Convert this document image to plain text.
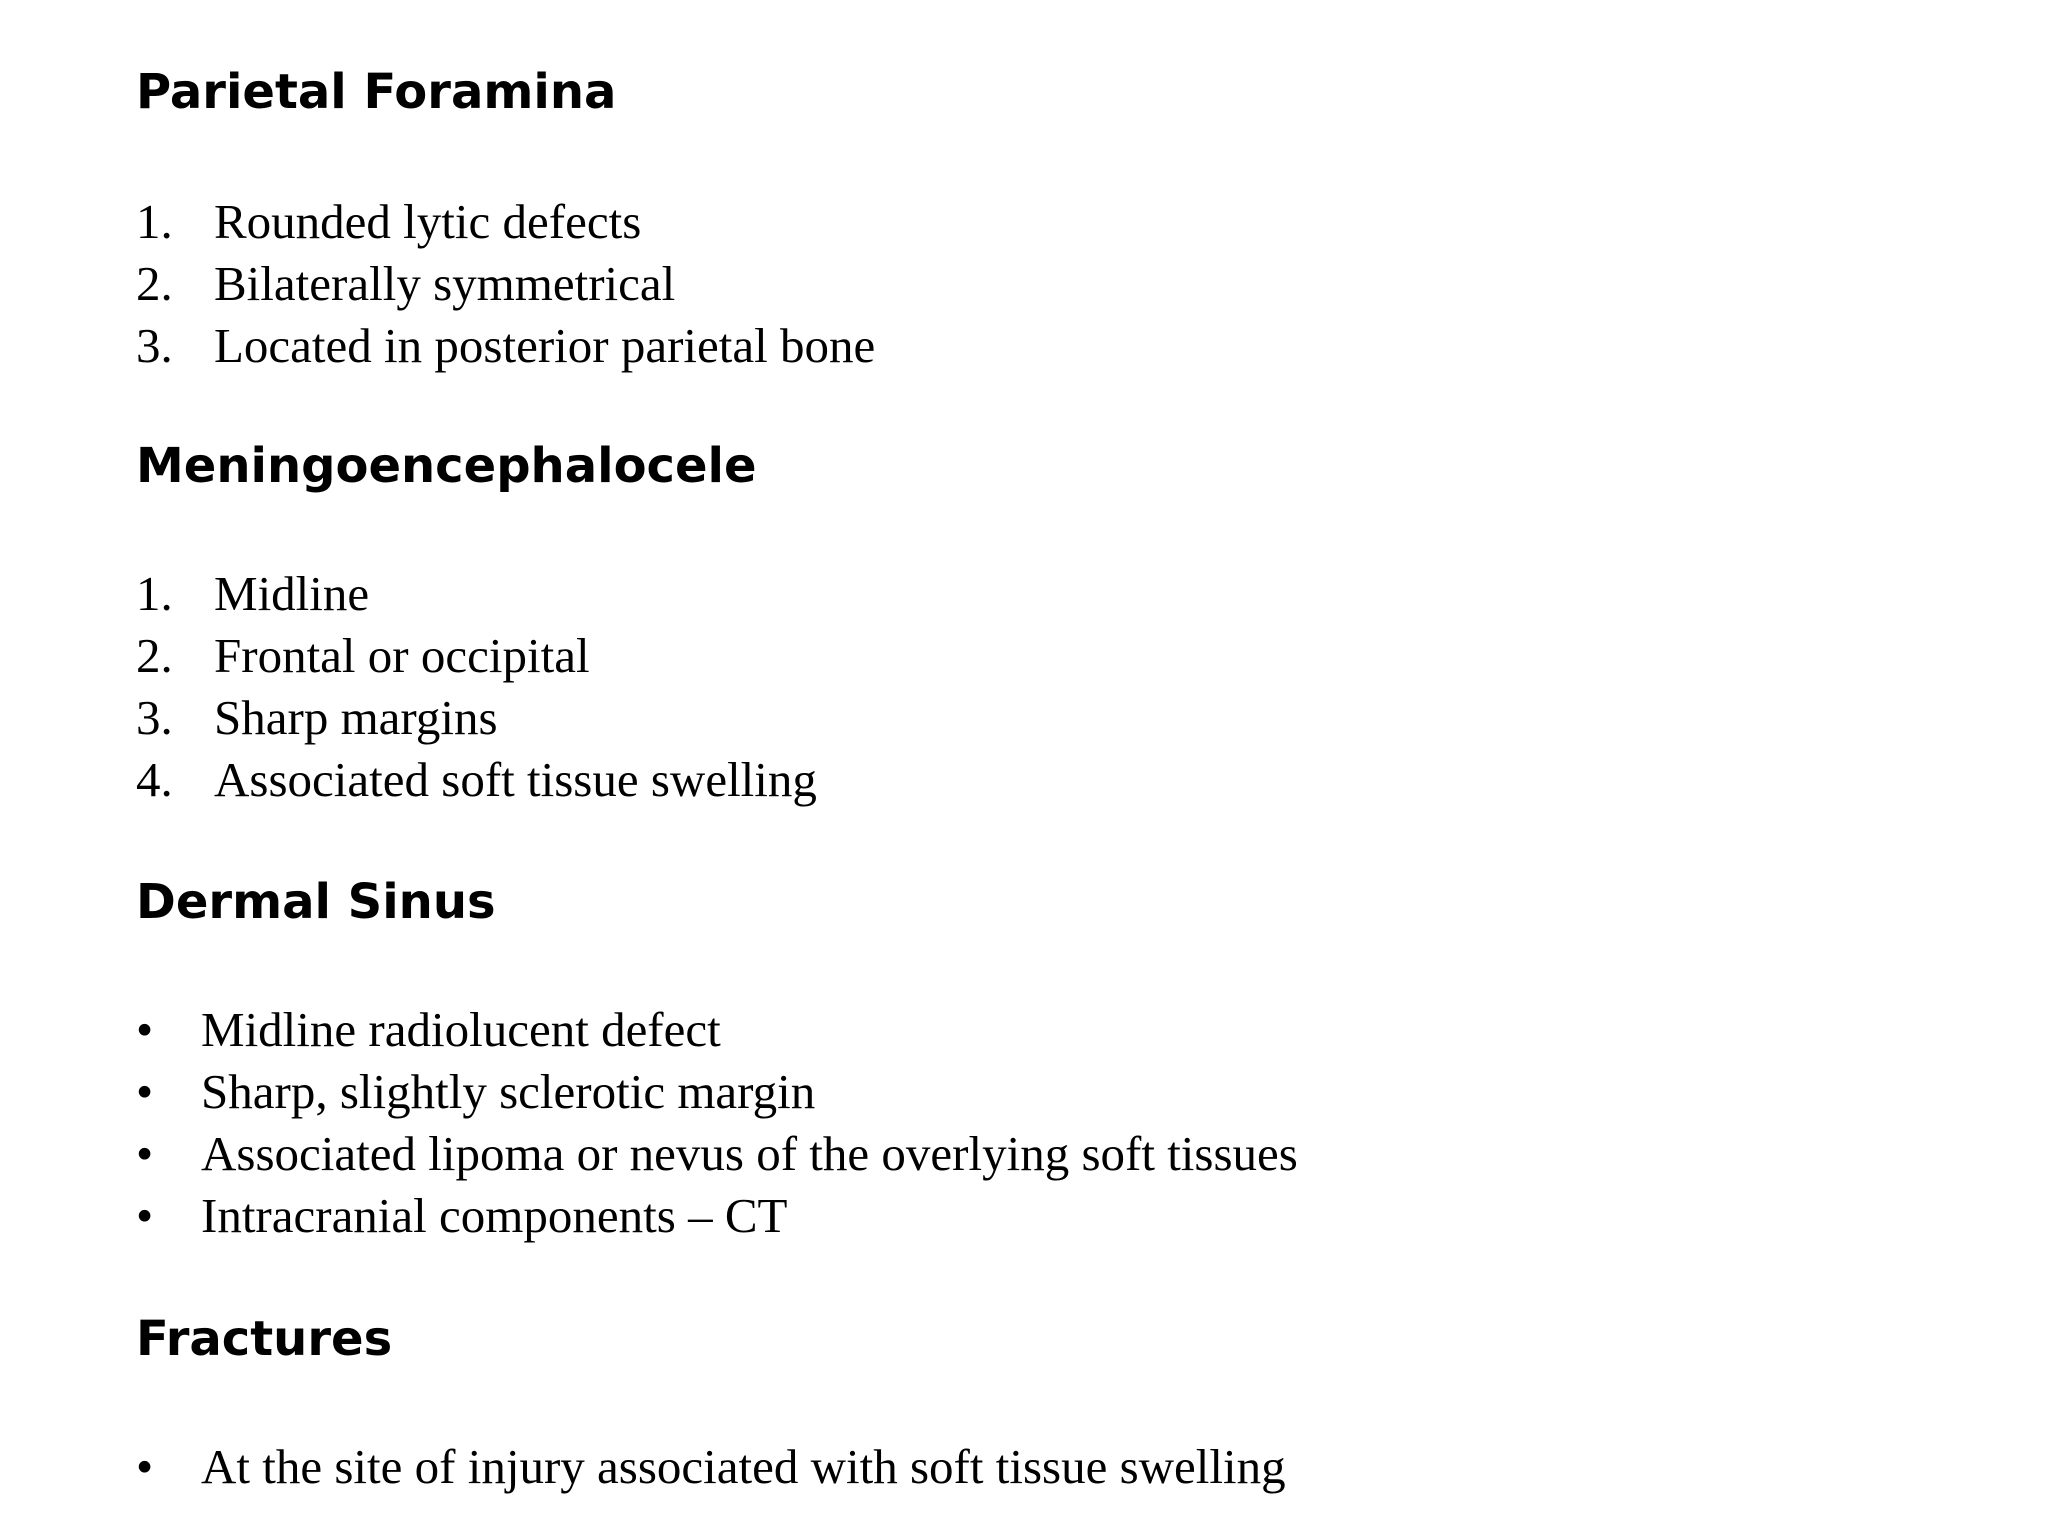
Parietal Foramina
1. Rounded lytic defects
2. Bilaterally symmetrical
3. Located in posterior parietal bone
Meningoencephalocele
1. Midline
2. Frontal or occipital
3. Sharp margins
4. Associated soft tissue swelling
Dermal Sinus
• Midline radiolucent defect
• Sharp, slightly sclerotic margin
• Associated lipoma or nevus of the overlying soft tissues
• Intracranial components – CT
Fractures
• At the site of injury associated with soft tissue swelling
